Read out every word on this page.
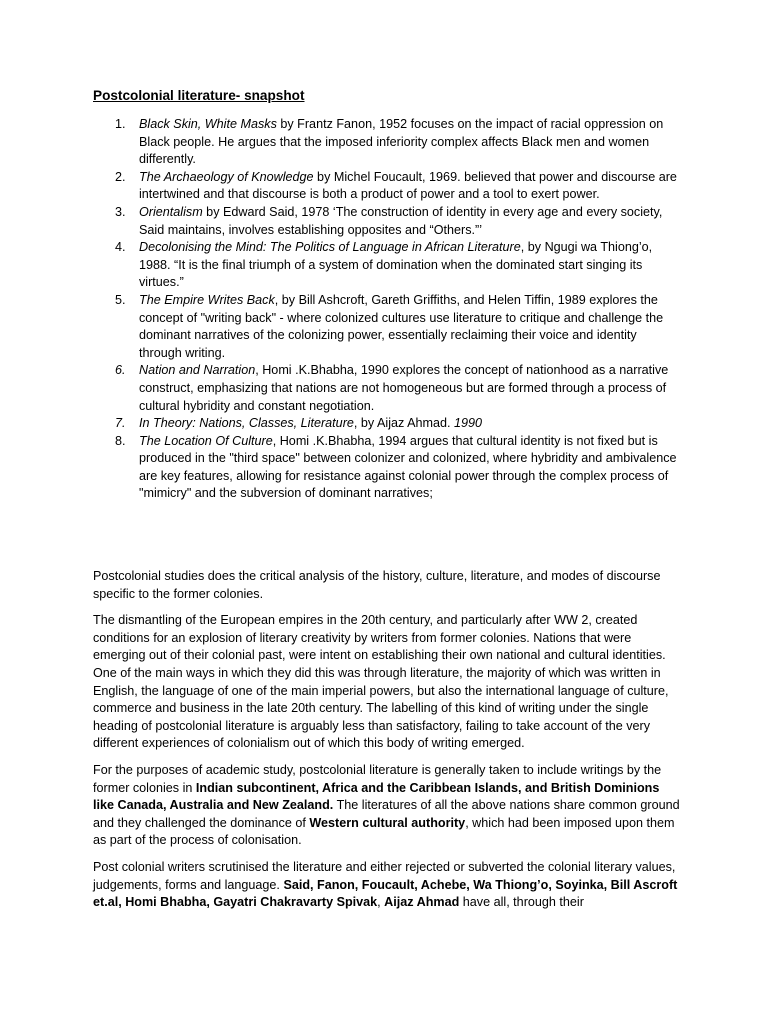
Postcolonial literature- snapshot
1. Black Skin, White Masks by Frantz Fanon, 1952 focuses on the impact of racial oppression on Black people. He argues that the imposed inferiority complex affects Black men and women differently.
2. The Archaeology of Knowledge by Michel Foucault, 1969. believed that power and discourse are intertwined and that discourse is both a product of power and a tool to exert power.
3. Orientalism by Edward Said, 1978 ‘The construction of identity in every age and every society, Said maintains, involves establishing opposites and “Others.”’
4. Decolonising the Mind: The Politics of Language in African Literature, by Ngugi wa Thiong’o, 1988. “It is the final triumph of a system of domination when the dominated start singing its virtues.”
5. The Empire Writes Back, by Bill Ashcroft, Gareth Griffiths, and Helen Tiffin, 1989 explores the concept of "writing back" - where colonized cultures use literature to critique and challenge the dominant narratives of the colonizing power, essentially reclaiming their voice and identity through writing.
6. Nation and Narration, Homi .K.Bhabha, 1990 explores the concept of nationhood as a narrative construct, emphasizing that nations are not homogeneous but are formed through a process of cultural hybridity and constant negotiation.
7. In Theory: Nations, Classes, Literature, by Aijaz Ahmad. 1990
8. The Location Of Culture, Homi .K.Bhabha, 1994 argues that cultural identity is not fixed but is produced in the "third space" between colonizer and colonized, where hybridity and ambivalence are key features, allowing for resistance against colonial power through the complex process of "mimicry" and the subversion of dominant narratives;

Postcolonial studies does the critical analysis of the history, culture, literature, and modes of discourse specific to the former colonies.

The dismantling of the European empires in the 20th century, and particularly after WW 2, created conditions for an explosion of literary creativity by writers from former colonies. Nations that were emerging out of their colonial past, were intent on establishing their own national and cultural identities. One of the main ways in which they did this was through literature, the majority of which was written in English, the language of one of the main imperial powers, but also the international language of culture, commerce and business in the late 20th century. The labelling of this kind of writing under the single heading of postcolonial literature is arguably less than satisfactory, failing to take account of the very different experiences of colonialism out of which this body of writing emerged.

For the purposes of academic study, postcolonial literature is generally taken to include writings by the former colonies in Indian subcontinent, Africa and the Caribbean Islands, and British Dominions like Canada, Australia and New Zealand. The literatures of all the above nations share common ground and they challenged the dominance of Western cultural authority, which had been imposed upon them as part of the process of colonisation.

Post colonial writers scrutinised the literature and either rejected or subverted the colonial literary values, judgements, forms and language. Said, Fanon, Foucault, Achebe, Wa Thiong’o, Soyinka, Bill Ascroft et.al, Homi Bhabha, Gayatri Chakravarty Spivak, Aijaz Ahmad have all, through their
